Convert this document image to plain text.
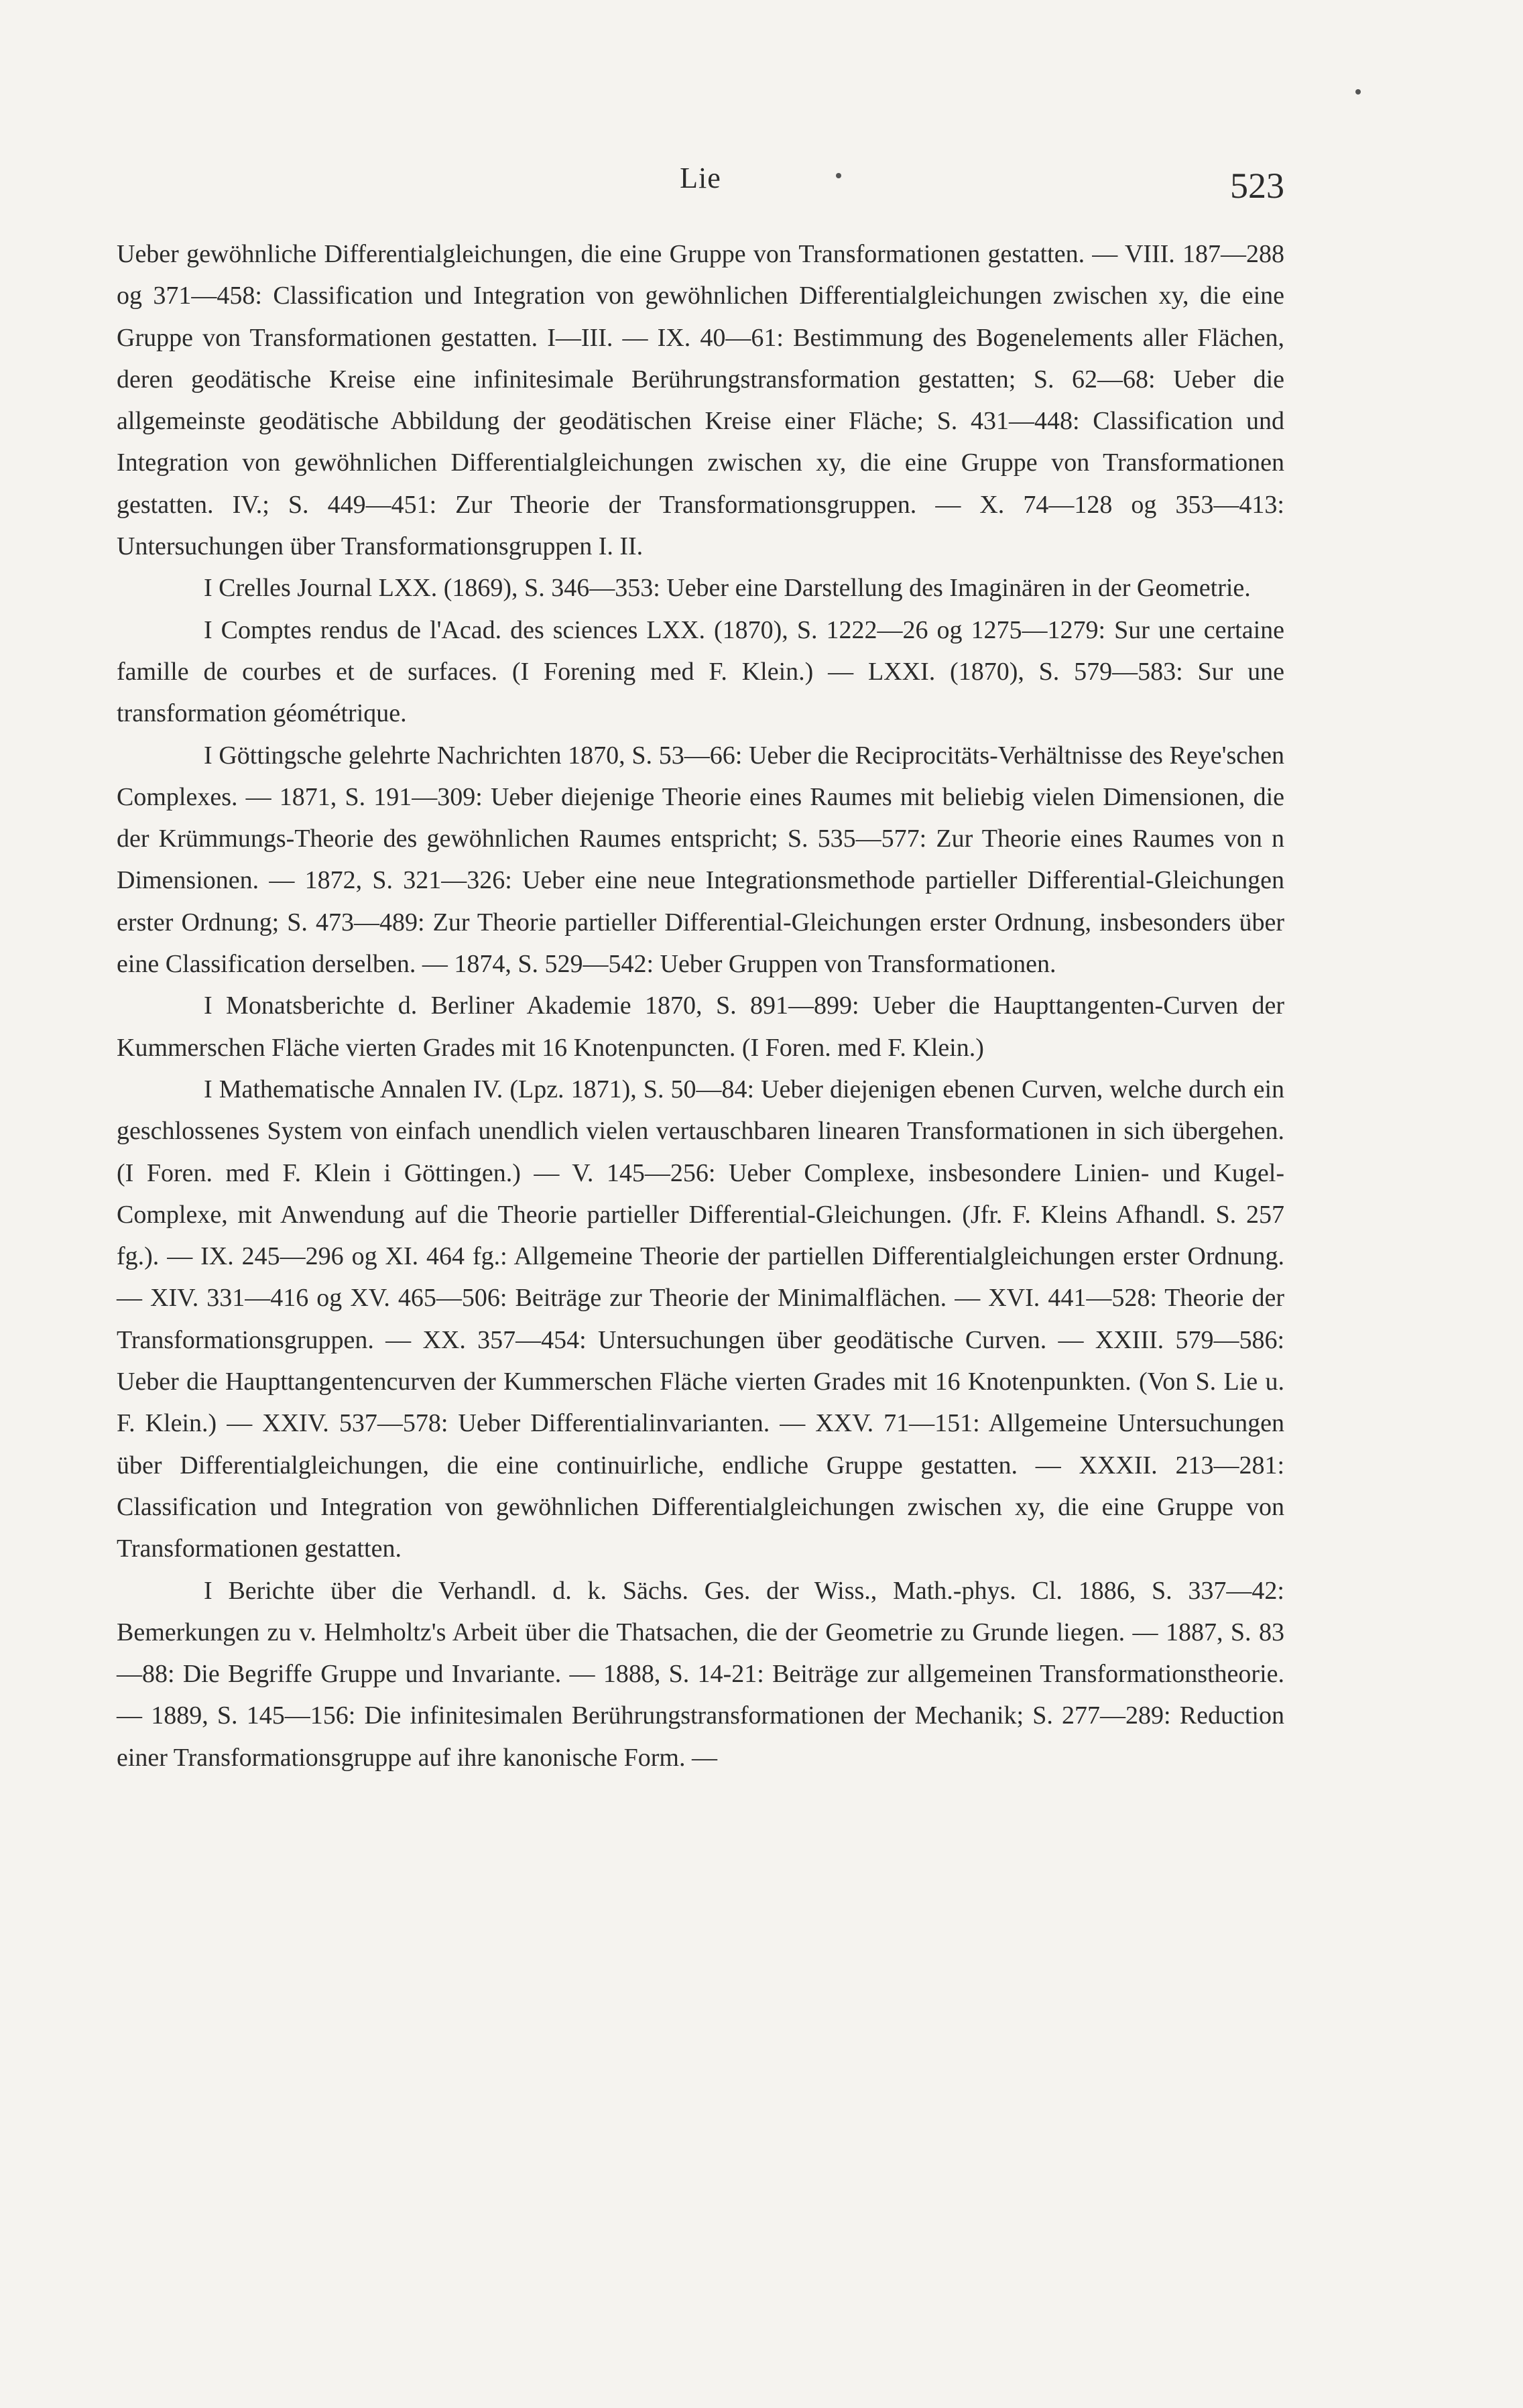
Lie	523

Ueber gewöhnliche Differentialgleichungen, die eine Gruppe von Transformationen gestatten. — VIII. 187—288 og 371—458: Classification und Integration von gewöhnlichen Differentialgleichungen zwischen xy, die eine Gruppe von Transformationen gestatten. I—III. — IX. 40—61: Bestimmung des Bogenelements aller Flächen, deren geodätische Kreise eine infinitesimale Berührungstransformation gestatten; S. 62—68: Ueber die allgemeinste geodätische Abbildung der geodätischen Kreise einer Fläche; S. 431—448: Classification und Integration von gewöhnlichen Differentialgleichungen zwischen xy, die eine Gruppe von Transformationen gestatten. IV.; S. 449—451: Zur Theorie der Transformationsgruppen. — X. 74—128 og 353—413: Untersuchungen über Transformationsgruppen I. II.

I Crelles Journal LXX. (1869), S. 346—353: Ueber eine Darstellung des Imaginären in der Geometrie.

I Comptes rendus de l'Acad. des sciences LXX. (1870), S. 1222—26 og 1275—1279: Sur une certaine famille de courbes et de surfaces. (I Forening med F. Klein.) — LXXI. (1870), S. 579—583: Sur une transformation géométrique.

I Göttingsche gelehrte Nachrichten 1870, S. 53—66: Ueber die Reciprocitäts-Verhältnisse des Reye'schen Complexes. — 1871, S. 191—309: Ueber diejenige Theorie eines Raumes mit beliebig vielen Dimensionen, die der Krümmungs-Theorie des gewöhnlichen Raumes entspricht; S. 535—577: Zur Theorie eines Raumes von n Dimensionen. — 1872, S. 321—326: Ueber eine neue Integrationsmethode partieller Differential-Gleichungen erster Ordnung; S. 473—489: Zur Theorie partieller Differential-Gleichungen erster Ordnung, insbesonders über eine Classification derselben. — 1874, S. 529—542: Ueber Gruppen von Transformationen.

I Monatsberichte d. Berliner Akademie 1870, S. 891—899: Ueber die Haupttangenten-Curven der Kummerschen Fläche vierten Grades mit 16 Knotenpuncten. (I Foren. med F. Klein.)

I Mathematische Annalen IV. (Lpz. 1871), S. 50—84: Ueber diejenigen ebenen Curven, welche durch ein geschlossenes System von einfach unendlich vielen vertauschbaren linearen Transformationen in sich übergehen. (I Foren. med F. Klein i Göttingen.) — V. 145—256: Ueber Complexe, insbesondere Linien- und Kugel-Complexe, mit Anwendung auf die Theorie partieller Differential-Gleichungen. (Jfr. F. Kleins Afhandl. S. 257 fg.). — IX. 245—296 og XI. 464 fg.: Allgemeine Theorie der partiellen Differentialgleichungen erster Ordnung. — XIV. 331—416 og XV. 465—506: Beiträge zur Theorie der Minimalflächen. — XVI. 441—528: Theorie der Transformationsgruppen. — XX. 357—454: Untersuchungen über geodätische Curven. — XXIII. 579—586: Ueber die Haupttangentencurven der Kummerschen Fläche vierten Grades mit 16 Knotenpunkten. (Von S. Lie u. F. Klein.) — XXIV. 537—578: Ueber Differentialinvarianten. — XXV. 71—151: Allgemeine Untersuchungen über Differentialgleichungen, die eine continuirliche, endliche Gruppe gestatten. — XXXII. 213—281: Classification und Integration von gewöhnlichen Differentialgleichungen zwischen xy, die eine Gruppe von Transformationen gestatten.

I Berichte über die Verhandl. d. k. Sächs. Ges. der Wiss., Math.-phys. Cl. 1886, S. 337—42: Bemerkungen zu v. Helmholtz's Arbeit über die Thatsachen, die der Geometrie zu Grunde liegen. — 1887, S. 83—88: Die Begriffe Gruppe und Invariante. — 1888, S. 14-21: Beiträge zur allgemeinen Transformationstheorie. — 1889, S. 145—156: Die infinitesimalen Berührungstransformationen der Mechanik; S. 277—289: Reduction einer Transformationsgruppe auf ihre kanonische Form. —
